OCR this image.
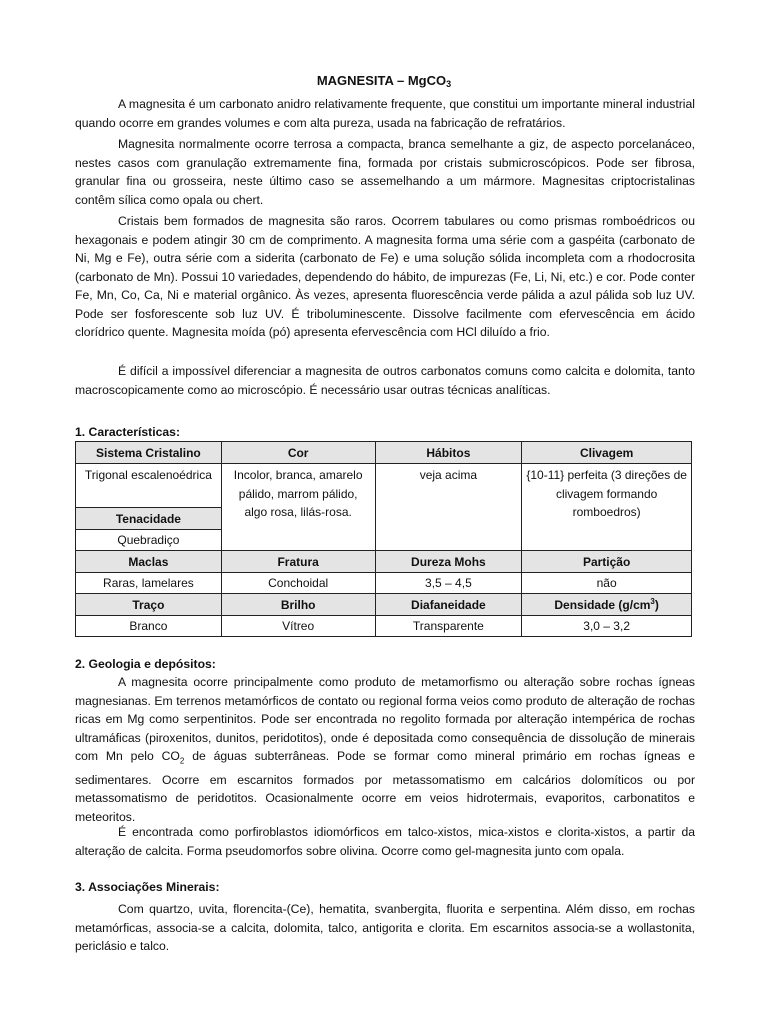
MAGNESITA – MgCO$_3$

A magnesita é um carbonato anidro relativamente frequente, que constitui um importante mineral industrial quando ocorre em grandes volumes e com alta pureza, usada na fabricação de refratários.

Magnesita normalmente ocorre terrosa a compacta, branca semelhante a giz, de aspecto porcelanáceo, nestes casos com granulação extremamente fina, formada por cristais submicroscópicos. Pode ser fibrosa, granular fina ou grosseira, neste último caso se assemelhando a um mármore. Magnesitas criptocristalinas contêm sílica como opala ou chert.

Cristais bem formados de magnesita são raros. Ocorrem tabulares ou como prismas romboédricos ou hexagonais e podem atingir 30 cm de comprimento. A magnesita forma uma série com a gaspéita (carbonato de Ni, Mg e Fe), outra série com a siderita (carbonato de Fe) e uma solução sólida incompleta com a rhodocrosita (carbonato de Mn). Possui 10 variedades, dependendo do hábito, de impurezas (Fe, Li, Ni, etc.) e cor. Pode conter Fe, Mn, Co, Ca, Ni e material orgânico. Às vezes, apresenta fluorescência verde pálida a azul pálida sob luz UV. Pode ser fosforescente sob luz UV. É triboluminescente. Dissolve facilmente com efervescência em ácido clorídrico quente. Magnesita moída (pó) apresenta efervescência com HCl diluído a frio.

É difícil a impossível diferenciar a magnesita de outros carbonatos comuns como calcita e dolomita, tanto macroscopicamente como ao microscópio. É necessário usar outras técnicas analíticas.

1. Características:

Sistema Cristalino	Cor	Hábitos	Clivagem
Trigonal escalenoédrica	Incolor, branca, amarelo pálido, marrom pálido, algo rosa, lilás-rosa.	veja acima	{10-11} perfeita (3 direções de clivagem formando romboedros)
Tenacidade			
Quebradiço			
Maclas	Fratura	Dureza Mohs	Partição
Raras, lamelares	Conchoidal	3,5 – 4,5	não
Traço	Brilho	Diafaneidade	Densidade $(g/cm^3)$
Branco	Vítreo	Transparente	3,0 – 3,2

2. Geologia e depósitos:

A magnesita ocorre principalmente como produto de metamorfismo ou alteração sobre rochas ígneas magnesianas. Em terrenos metamórficos de contato ou regional forma veios como produto de alteração de rochas ricas em Mg como serpentinitos. Pode ser encontrada no regolito formada por alteração intempérica de rochas ultramáficas (piroxenitos, dunitos, peridotitos), onde é depositada como consequência de dissolução de minerais com Mn pelo $CO_2$ de águas subterrâneas. Pode se formar como mineral primário em rochas ígneas e sedimentares. Ocorre em escarnitos formados por metassomatismo em calcários dolomíticos ou por metassomatismo de peridotitos. Ocasionalmente ocorre em veios hidrotermais, evaporitos, carbonatitos e meteoritos.

É encontrada como porfiroblastos idiomórficos em talco-xistos, mica-xistos e clorita-xistos, a partir da alteração de calcita. Forma pseudomorfos sobre olivina. Ocorre como gel-magnesita junto com opala.

3. Associações Minerais:

Com quartzo, uvita, florencita-(Ce), hematita, svanbergita, fluorita e serpentina. Além disso, em rochas metamórficas, associa-se a calcita, dolomita, talco, antigorita e clorita. Em escarnitos associa-se a wollastonita, periclásio e talco.
